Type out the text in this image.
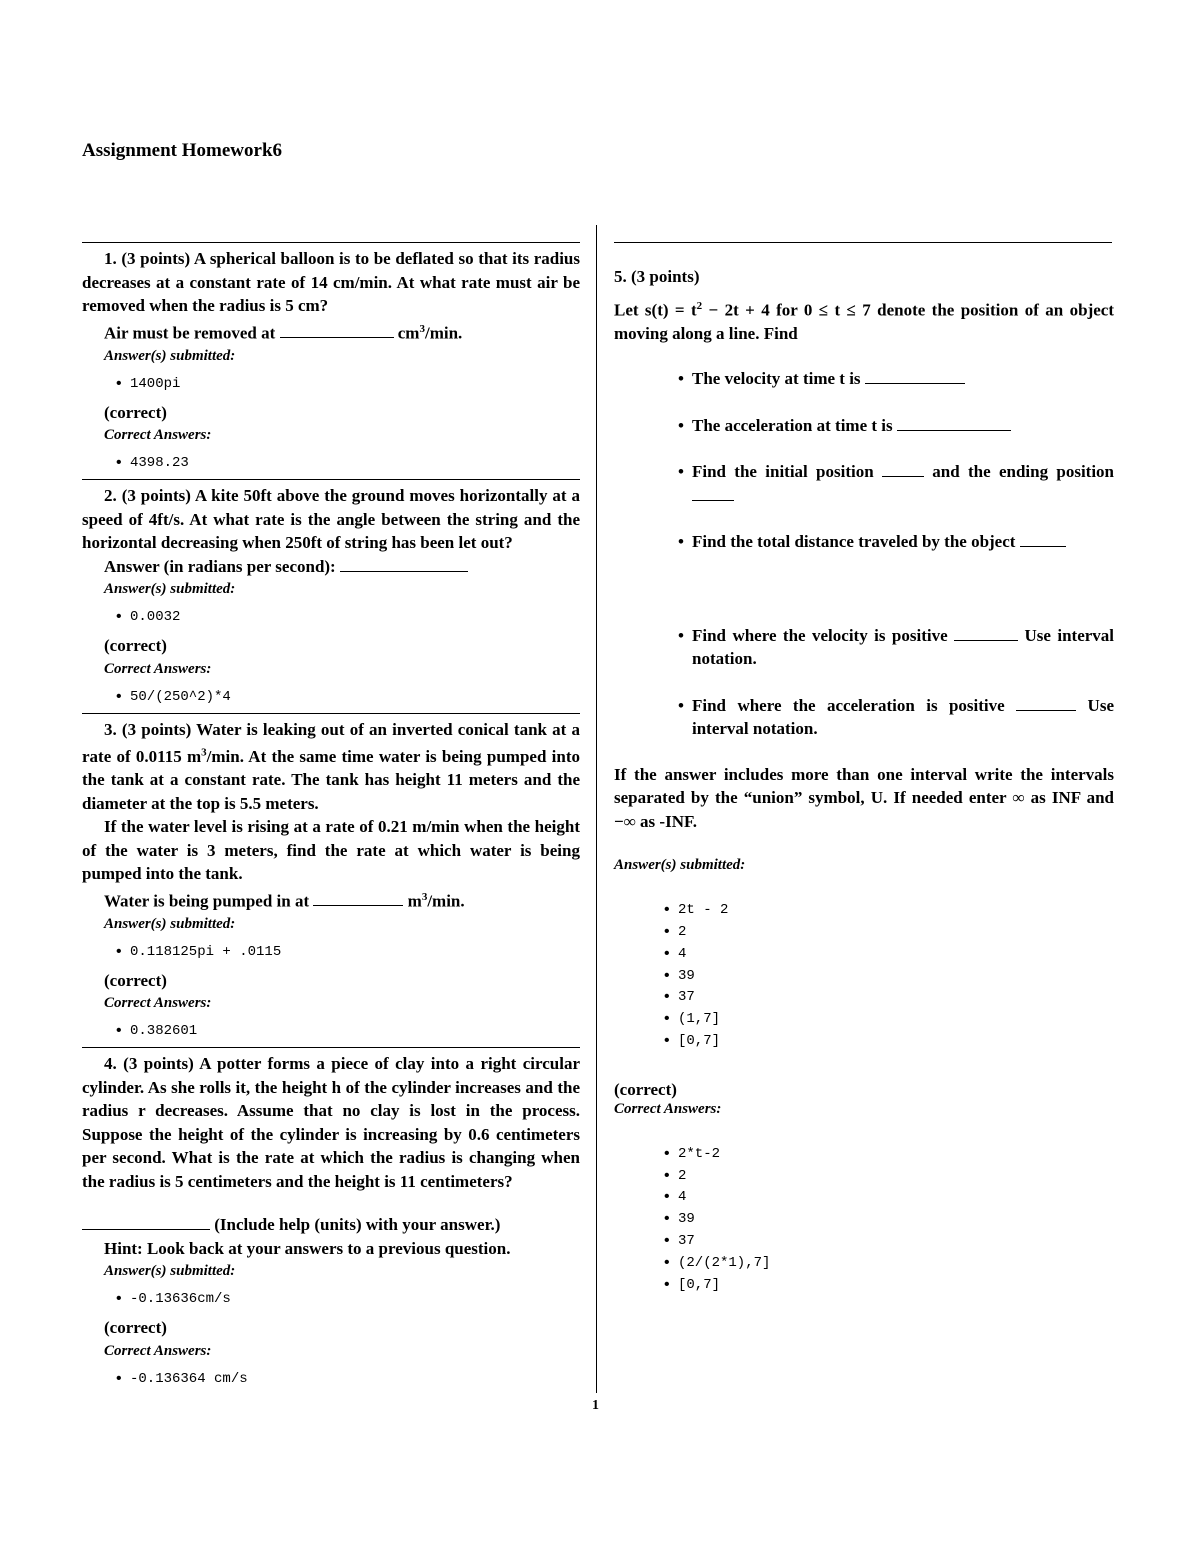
Assignment Homework6

1. (3 points) A spherical balloon is to be deflated so that its radius decreases at a constant rate of 14 cm/min. At what rate must air be removed when the radius is 5 cm?

Air must be removed at	$cm^3/\min$.
Answer(s) submitted:
• 1400pi
(correct)
Correct Answers:
• 4398.23

2. (3 points) A kite 50ft above the ground moves horizontally at a speed of 4ft/s. At what rate is the angle between the string and the horizontal decreasing when 250ft of string has been let out?

Answer (in radians per second):
Answer(s) submitted:
• 0.0032
(correct)
Correct Answers:
• 50/(250^2)*4

3. (3 points) Water is leaking out of an inverted conical tank at a rate of 0.0115 $m^3/\min$. At the same time water is being pumped into the tank at a constant rate. The tank has height 11 meters and the diameter at the top is 5.5 meters.

If the water level is rising at a rate of 0.21 m/min when the height of the water is 3 meters, find the rate at which water is being pumped into the tank.

Water is being pumped in at	$m^3/\min$.
Answer(s) submitted:
• 0.118125pi + .0115
(correct)
Correct Answers:
• 0.382601

4. (3 points) A potter forms a piece of clay into a right circular cylinder. As she rolls it, the height h of the cylinder increases and the radius r decreases. Assume that no clay is lost in the process. Suppose the height of the cylinder is increasing by 0.6 centimeters per second. What is the rate at which the radius is changing when the radius is 5 centimeters and the height is 11 centimeters?

(Include help (units) with your answer.)
Hint: Look back at your answers to a previous question.
Answer(s) submitted:
• -0.13636cm/s
(correct)
Correct Answers:
• -0.136364 cm/s

5. (3 points)

Let $s(t) = t^2 - 2t + 4$ for 0 ≤ t ≤ 7 denote the position of an object moving along a line. Find

• The velocity at time t is
• The acceleration at time t is
• Find the initial position	and the ending position
• Find the total distance traveled by the object
• Find where the velocity is positive	Use interval notation.
• Find where the acceleration is positive	Use interval notation.

If the answer includes more than one interval write the intervals separated by the “union” symbol, U. If needed enter ∞ as INF and −∞ as -INF.

Answer(s) submitted:
• 2t - 2
• 2
• 4
• 39
• 37
• (1,7]
• [0,7]
(correct)
Correct Answers:
• 2*t-2
• 2
• 4
• 39
• 37
• (2/(2*1),7]
• [0,7]
1
